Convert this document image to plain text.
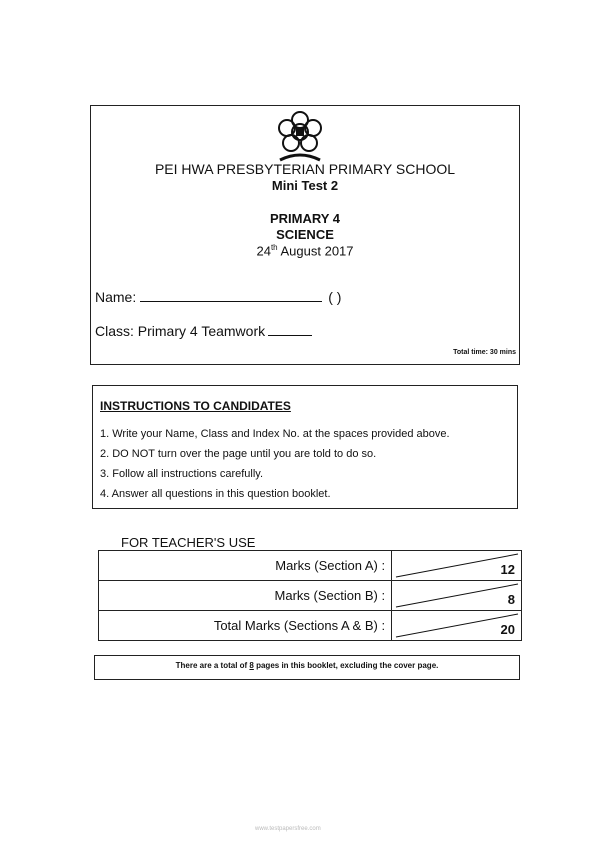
PEI HWA PRESBYTERIAN PRIMARY SCHOOL
Mini Test 2
PRIMARY 4
SCIENCE
24th August 2017
Name:	( )
Class: Primary 4 Teamwork
Total time: 30 mins
INSTRUCTIONS TO CANDIDATES
1. Write your Name, Class and Index No. at the spaces provided above.
2. DO NOT turn over the page until you are told to do so.
3. Follow all instructions carefully.
4. Answer all questions in this question booklet.
FOR TEACHER'S USE
Marks (Section A) :	12

Marks (Section B) :	8

Total Marks (Sections A & B) :	20
There are a total of 8 pages in this booklet, excluding the cover page.
www.testpapersfree.com
